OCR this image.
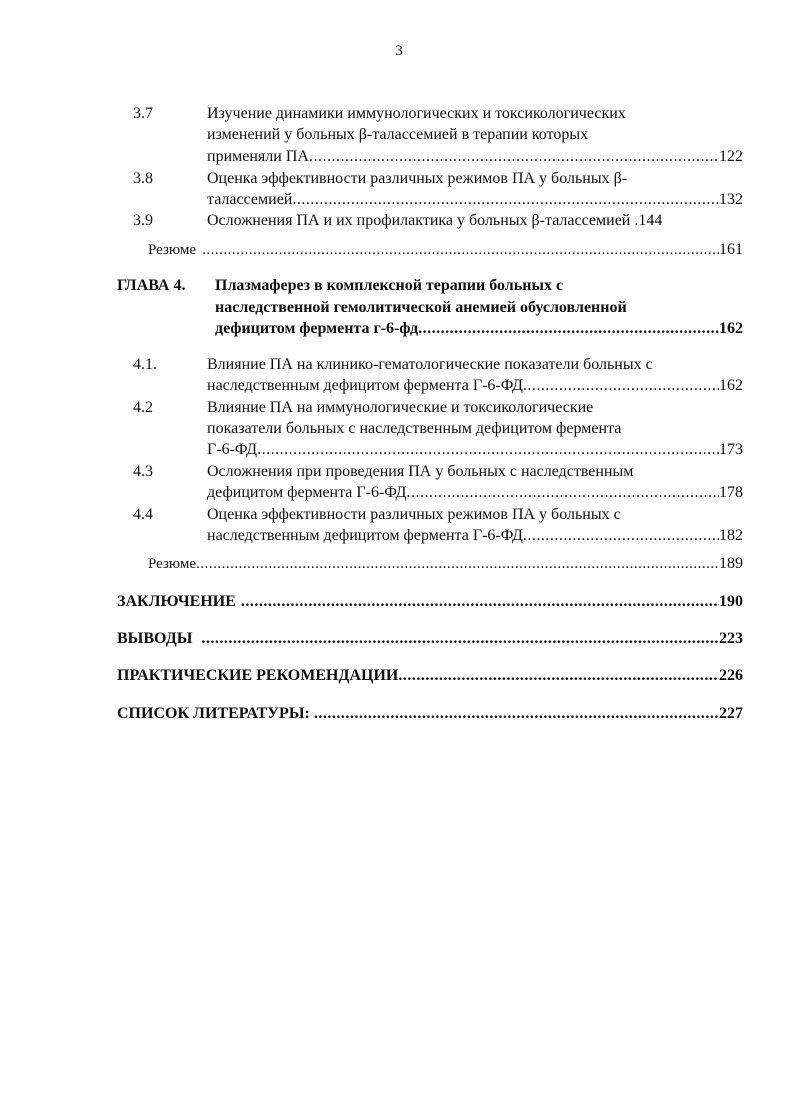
3
3.7	Изучение динамики иммунологических и токсикологических
изменений у больных β-талассемией в терапии которых
применяли ПА .....	122
3.8	Оценка эффективности различных режимов ПА у больных β-
талассемией .....	132
3.9	Осложнения ПА и их профилактика у больных β-талассемией . 144
Резюме .....	161
ГЛАВА 4. Плазмаферез в комплексной терапии больных с
наследственной гемолитической анемией обусловленной
дефицитом фермента г-6-фд .....	162
4.1.	Влияние ПА на клинико-гематологические показатели больных с
наследственным дефицитом фермента Г-6-ФД .....	162
4.2	Влияние ПА на иммунологические и токсикологические
показатели больных с наследственным дефицитом фермента
Г-6-ФД .....	173
4.3	Осложнения при проведения ПА у больных с наследственным
дефицитом фермента Г-6-ФД .....	178
4.4	Оценка эффективности различных режимов ПА у больных с
наследственным дефицитом фермента Г-6-ФД .....	182
Резюме .....	189
ЗАКЛЮЧЕНИЕ .....	190
ВЫВОДЫ .....	223
ПРАКТИЧЕСКИЕ РЕКОМЕНДАЦИИ .....	226
СПИСОК ЛИТЕРАТУРЫ: .....	227
